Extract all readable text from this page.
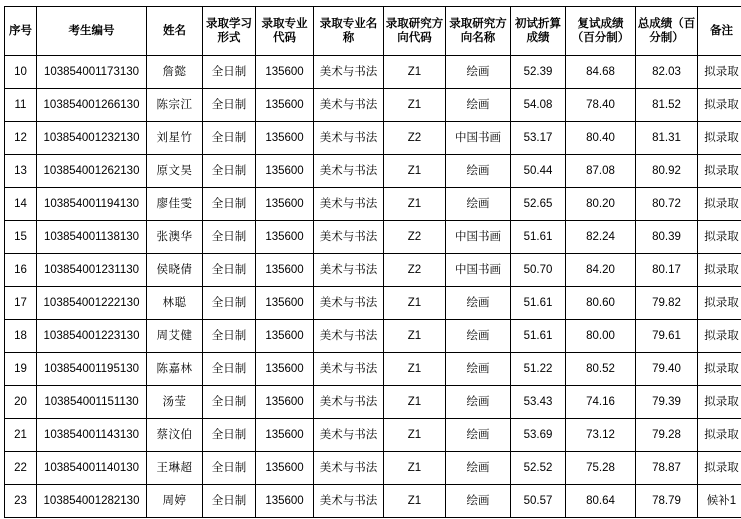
序号	考生编号	姓名	录取学习形式	录取专业代码	录取专业名称	录取研究方向代码	录取研究方向名称	初试折算成绩	复试成绩（百分制）	总成绩（百分制）	备注
10	103854001173130	詹懿	全日制	135600	美术与书法	Z1	绘画	52.39	84.68	82.03	拟录取
11	103854001266130	陈宗江	全日制	135600	美术与书法	Z1	绘画	54.08	78.40	81.52	拟录取
12	103854001232130	刘星竹	全日制	135600	美术与书法	Z2	中国书画	53.17	80.40	81.31	拟录取
13	103854001262130	原文昊	全日制	135600	美术与书法	Z1	绘画	50.44	87.08	80.92	拟录取
14	103854001194130	廖佳雯	全日制	135600	美术与书法	Z1	绘画	52.65	80.20	80.72	拟录取
15	103854001138130	张澳华	全日制	135600	美术与书法	Z2	中国书画	51.61	82.24	80.39	拟录取
16	103854001231130	侯晓倩	全日制	135600	美术与书法	Z2	中国书画	50.70	84.20	80.17	拟录取
17	103854001222130	林聪	全日制	135600	美术与书法	Z1	绘画	51.61	80.60	79.82	拟录取
18	103854001223130	周艾健	全日制	135600	美术与书法	Z1	绘画	51.61	80.00	79.61	拟录取
19	103854001195130	陈嘉林	全日制	135600	美术与书法	Z1	绘画	51.22	80.52	79.40	拟录取
20	103854001151130	汤莹	全日制	135600	美术与书法	Z1	绘画	53.43	74.16	79.39	拟录取
21	103854001143130	蔡汶伯	全日制	135600	美术与书法	Z1	绘画	53.69	73.12	79.28	拟录取
22	103854001140130	王琳超	全日制	135600	美术与书法	Z1	绘画	52.52	75.28	78.87	拟录取
23	103854001282130	周婷	全日制	135600	美术与书法	Z1	绘画	50.57	80.64	78.79	候补1
